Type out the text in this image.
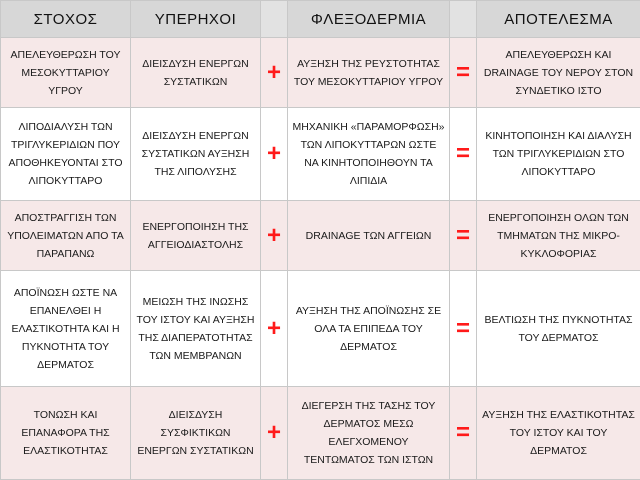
ΣΤΟΧΟΣ	ΥΠΕΡΗΧΟΙ		ΦΛΕΞΟΔΕΡΜΙΑ		ΑΠΟΤΕΛΕΣΜΑ
ΑΠΕΛΕΥΘΕΡΩΣΗ ΤΟΥ ΜΕΣΟΚΥΤΤΑΡΙΟΥ ΥΓΡΟΥ	ΔΙΕΙΣΔΥΣΗ ΕΝΕΡΓΩΝ ΣΥΣΤΑΤΙΚΩΝ	+	ΑΥΞΗΣΗ ΤΗΣ ΡΕΥΣΤΟΤΗΤΑΣ ΤΟΥ ΜΕΣΟΚΥΤΤΑΡΙΟΥ ΥΓΡΟΥ	=	ΑΠΕΛΕΥΘΕΡΩΣΗ ΚΑΙ DRAINAGE ΤΟΥ ΝΕΡΟΥ ΣΤΟΝ ΣΥΝΔΕΤΙΚΟ ΙΣΤΟ
ΛΙΠΟΔΙΑΛΥΣΗ ΤΩΝ ΤΡΙΓΛΥΚΕΡΙΔΙΩΝ ΠΟΥ ΑΠΟΘΗΚΕΥΟΝΤΑΙ ΣΤΟ ΛΙΠΟΚΥΤΤΑΡΟ	ΔΙΕΙΣΔΥΣΗ ΕΝΕΡΓΩΝ ΣΥΣΤΑΤΙΚΩΝ ΑΥΞΗΣΗ ΤΗΣ ΛΙΠΟΛΥΣΗΣ	+	ΜΗΧΑΝΙΚΗ «ΠΑΡΑΜΟΡΦΩΣΗ» ΤΩΝ ΛΙΠΟΚΥΤΤΑΡΩΝ ΩΣΤΕ ΝΑ ΚΙΝΗΤΟΠΟΙΗΘΟΥΝ ΤΑ ΛΙΠΙΔΙΑ	=	ΚΙΝΗΤΟΠΟΙΗΣΗ ΚΑΙ ΔΙΑΛΥΣΗ ΤΩΝ ΤΡΙΓΛΥΚΕΡΙΔΙΩΝ ΣΤΟ ΛΙΠΟΚΥΤΤΑΡΟ
ΑΠΟΣΤΡΑΓΓΙΣΗ ΤΩΝ ΥΠΟΛΕΙΜΑΤΩΝ ΑΠΟ ΤΑ ΠΑΡΑΠΑΝΩ	ΕΝΕΡΓΟΠΟΙΗΣΗ ΤΗΣ ΑΓΓΕΙΟΔΙΑΣΤΟΛΗΣ	+	DRAINAGE ΤΩΝ ΑΓΓΕΙΩΝ	=	ΕΝΕΡΓΟΠΟΙΗΣΗ ΟΛΩΝ ΤΩΝ ΤΜΗΜΑΤΩΝ ΤΗΣ ΜΙΚΡΟ-ΚΥΚΛΟΦΟΡΙΑΣ
ΑΠΟΪΝΩΣΗ ΩΣΤΕ ΝΑ ΕΠΑΝΕΛΘΕΙ Η ΕΛΑΣΤΙΚΟΤΗΤΑ ΚΑΙ Η ΠΥΚΝΟΤΗΤΑ ΤΟΥ ΔΕΡΜΑΤΟΣ	ΜΕΙΩΣΗ ΤΗΣ ΙΝΩΣΗΣ ΤΟΥ ΙΣΤΟΥ ΚΑΙ ΑΥΞΗΣΗ ΤΗΣ ΔΙΑΠΕΡΑΤΟΤΗΤΑΣ ΤΩΝ ΜΕΜΒΡΑΝΩΝ	+	ΑΥΞΗΣΗ ΤΗΣ ΑΠΟΪΝΩΣΗΣ ΣΕ ΟΛΑ ΤΑ ΕΠΙΠΕΔΑ ΤΟΥ ΔΕΡΜΑΤΟΣ	=	ΒΕΛΤΙΩΣΗ ΤΗΣ ΠΥΚΝΟΤΗΤΑΣ ΤΟΥ ΔΕΡΜΑΤΟΣ
ΤΟΝΩΣΗ ΚΑΙ ΕΠΑΝΑΦΟΡΑ ΤΗΣ ΕΛΑΣΤΙΚΟΤΗΤΑΣ	ΔΙΕΙΣΔΥΣΗ ΣΥΣΦΙΚΤΙΚΩΝ ΕΝΕΡΓΩΝ ΣΥΣΤΑΤΙΚΩΝ	+	ΔΙΕΓΕΡΣΗ ΤΗΣ ΤΑΣΗΣ ΤΟΥ ΔΕΡΜΑΤΟΣ ΜΕΣΩ ΕΛΕΓΧΟΜΕΝΟΥ ΤΕΝΤΩΜΑΤΟΣ ΤΩΝ ΙΣΤΩΝ	=	ΑΥΞΗΣΗ ΤΗΣ ΕΛΑΣΤΙΚΟΤΗΤΑΣ ΤΟΥ ΙΣΤΟΥ ΚΑΙ ΤΟΥ ΔΕΡΜΑΤΟΣ
